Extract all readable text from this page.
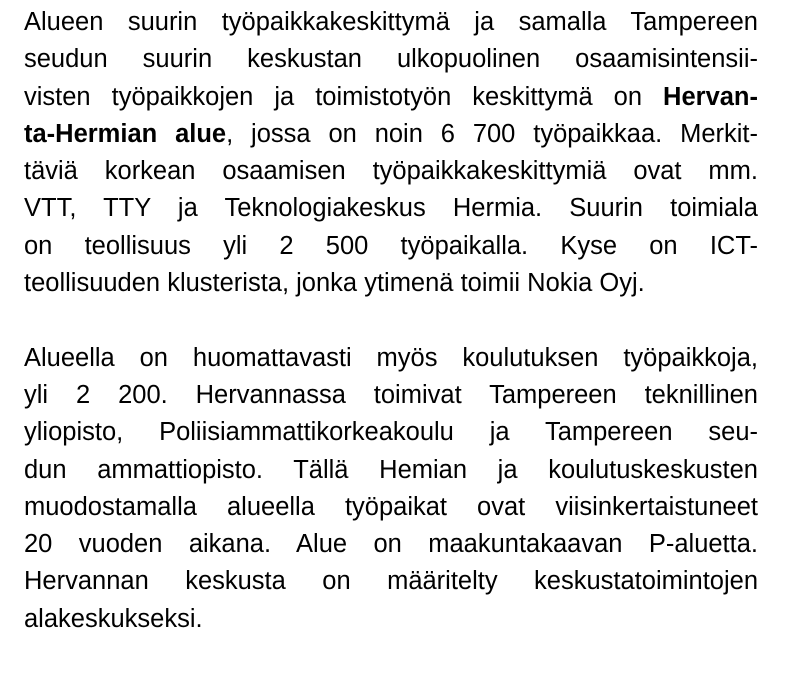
Alueen suurin työpaikkakeskittymä ja samalla Tampereen
seudun suurin keskustan ulkopuolinen osaamisintensii-
visten työpaikkojen ja toimistotyön keskittymä on Hervan-
ta-Hermian alue, jossa on noin 6 700 työpaikkaa. Merkit-
täviä korkean osaamisen työpaikkakeskittymiä ovat mm.
VTT, TTY ja Teknologiakeskus Hermia. Suurin toimiala
on teollisuus yli 2 500 työpaikalla. Kyse on ICT-
teollisuuden klusterista, jonka ytimenä toimii Nokia Oyj.
Alueella on huomattavasti myös koulutuksen työpaikkoja,
yli 2 200. Hervannassa toimivat Tampereen teknillinen
yliopisto, Poliisiammattikorkeakoulu ja Tampereen seu-
dun ammattiopisto. Tällä Hemian ja koulutuskeskusten
muodostamalla alueella työpaikat ovat viisinkertaistuneet
20 vuoden aikana. Alue on maakuntakaavan P-aluetta.
Hervannan keskusta on määritelty keskustatoimintojen
alakeskukseksi.
